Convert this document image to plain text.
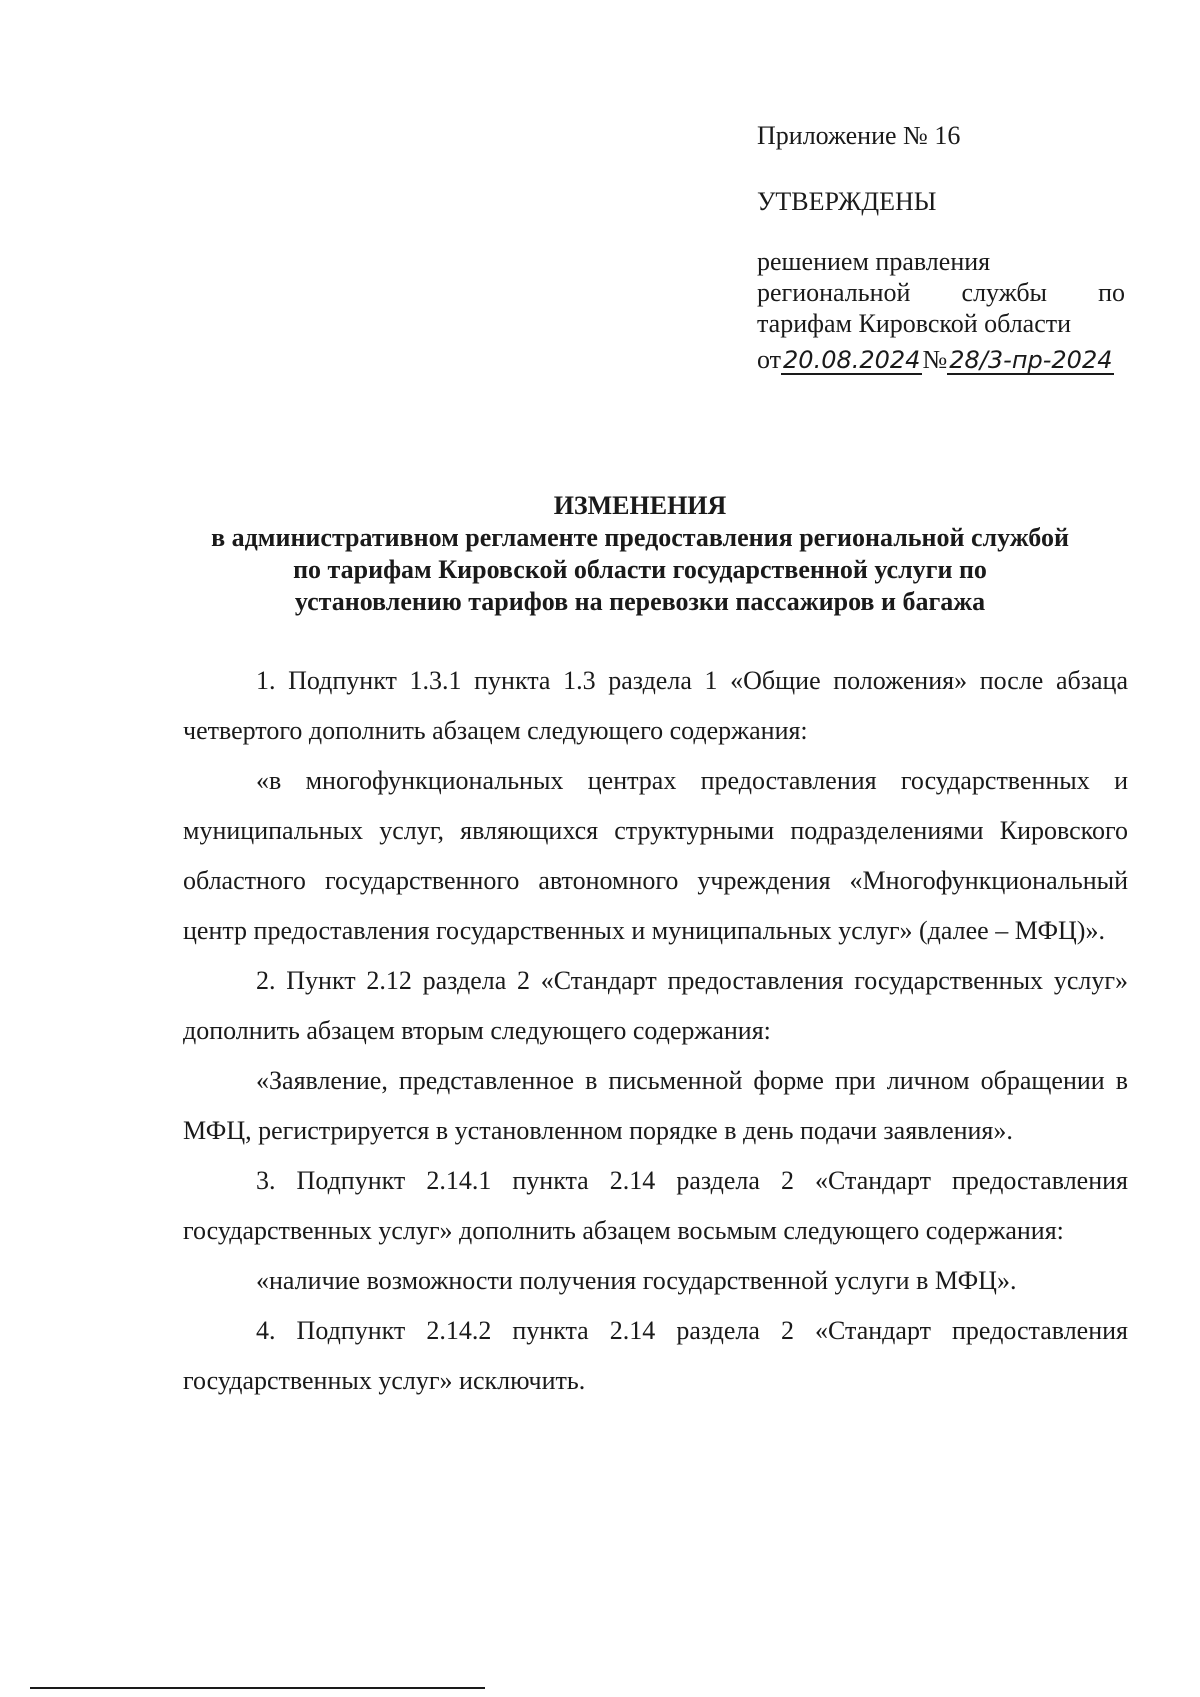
Приложение № 16

УТВЕРЖДЕНЫ

решением правления
региональной службы по
тарифам Кировской области
от20.08.2024№28/3-пр-2024
ИЗМЕНЕНИЯ
в административном регламенте предоставления региональной службой
по тарифам Кировской области государственной услуги по
установлению тарифов на перевозки пассажиров и багажа

1. Подпункт 1.3.1 пункта 1.3 раздела 1 «Общие положения» после абзаца четвертого дополнить абзацем следующего содержания:

«в многофункциональных центрах предоставления государственных и муниципальных услуг, являющихся структурными подразделениями Кировского областного государственного автономного учреждения «Многофункциональный центр предоставления государственных и муниципальных услуг» (далее – МФЦ)».

2. Пункт 2.12 раздела 2 «Стандарт предоставления государственных услуг» дополнить абзацем вторым следующего содержания:

«Заявление, представленное в письменной форме при личном обращении в МФЦ, регистрируется в установленном порядке в день подачи заявления».

3. Подпункт 2.14.1 пункта 2.14 раздела 2 «Стандарт предоставления государственных услуг» дополнить абзацем восьмым следующего содержания:

«наличие возможности получения государственной услуги в МФЦ».

4. Подпункт 2.14.2 пункта 2.14 раздела 2 «Стандарт предоставления государственных услуг» исключить.
